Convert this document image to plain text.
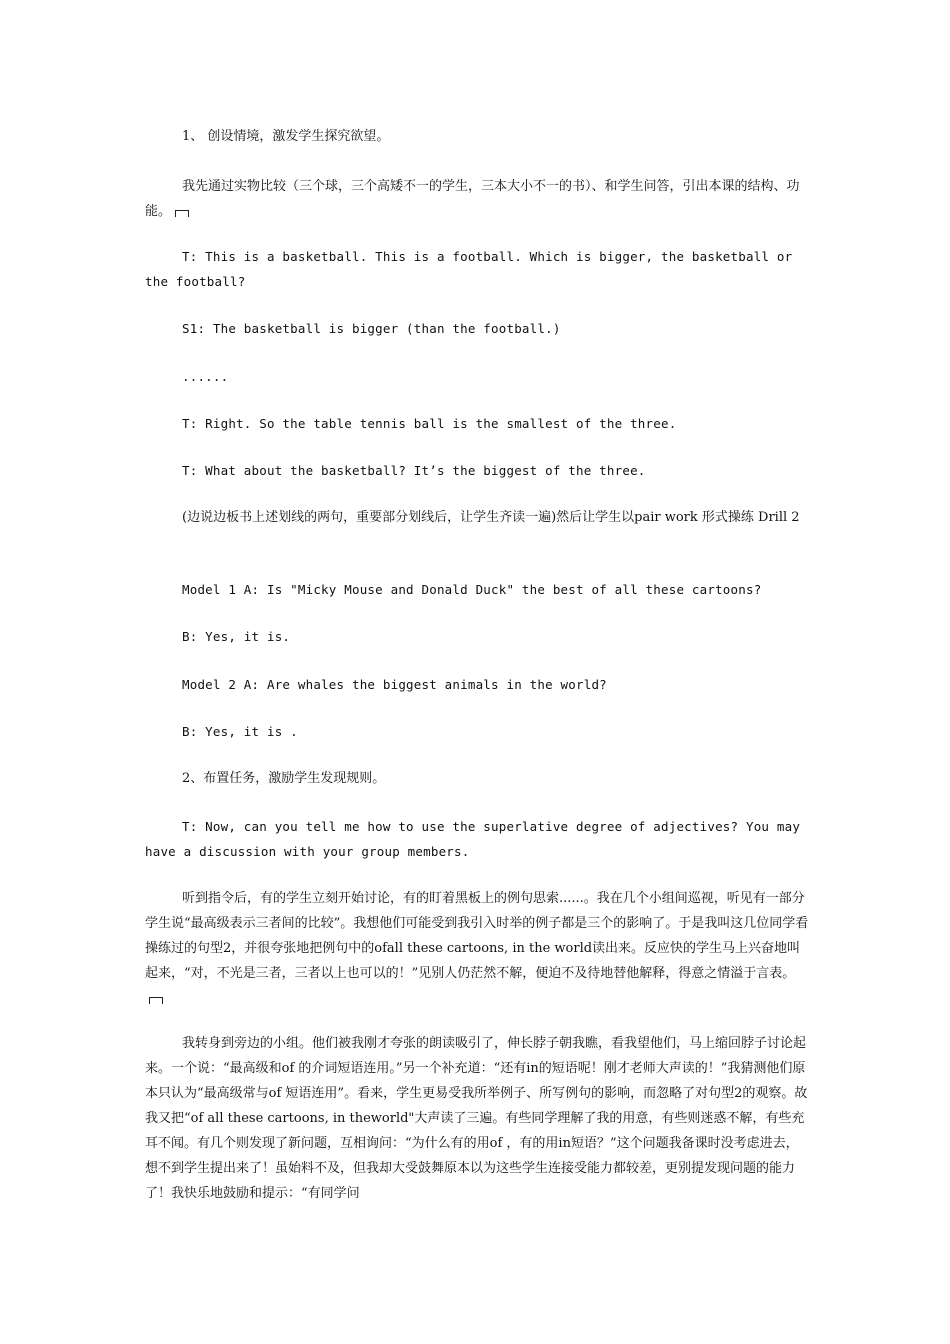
1、 创设情境，激发学生探究欲望。

我先通过实物比较（三个球，三个高矮不一的学生，三本大小不一的书）、和学生问答，引出本课的结构、功能。

T: This is a basketball. This is a football. Which is bigger, the basketball or the football?

S1: The basketball is bigger (than the football.)

......

T: Right. So the table tennis ball is the smallest of the three.

T: What about the basketball? It’s the biggest of the three.

(边说边板书上述划线的两句，重要部分划线后，让学生齐读一遍)然后让学生以pair work 形式操练 Drill 2

Model 1 A: Is "Micky Mouse and Donald Duck" the best of all these cartoons?

B: Yes, it is.

Model 2 A: Are whales the biggest animals in the world?

B: Yes, it is .

2、布置任务，激励学生发现规则。

T: Now, can you tell me how to use the superlative degree of adjectives? You may have a discussion with your group members.

听到指令后，有的学生立刻开始讨论，有的盯着黑板上的例句思索......。我在几个小组间巡视，听见有一部分学生说“最高级表示三者间的比较”。我想他们可能受到我引入时举的例子都是三个的影响了。于是我叫这几位同学看操练过的句型2，并很夸张地把例句中的ofall these cartoons, in the world读出来。反应快的学生马上兴奋地叫起来，“对，不光是三者，三者以上也可以的！”见别人仍茫然不解，便迫不及待地替他解释，得意之情溢于言表。

我转身到旁边的小组。他们被我刚才夸张的朗读吸引了，伸长脖子朝我瞧，看我望他们，马上缩回脖子讨论起来。一个说：“最高级和of 的介词短语连用。”另一个补充道：“还有in的短语呢！刚才老师大声读的！”我猜测他们原本只认为“最高级常与of 短语连用”。看来，学生更易受我所举例子、所写例句的影响，而忽略了对句型2的观察。故我又把“of all these cartoons, in theworld"大声读了三遍。有些同学理解了我的用意，有些则迷惑不解，有些充耳不闻。有几个则发现了新问题，互相询问：“为什么有的用of ，有的用in短语？”这个问题我备课时没考虑进去，想不到学生提出来了！虽始料不及，但我却大受鼓舞原本以为这些学生连接受能力都较差，更别提发现问题的能力了！我快乐地鼓励和提示：“有同学问
